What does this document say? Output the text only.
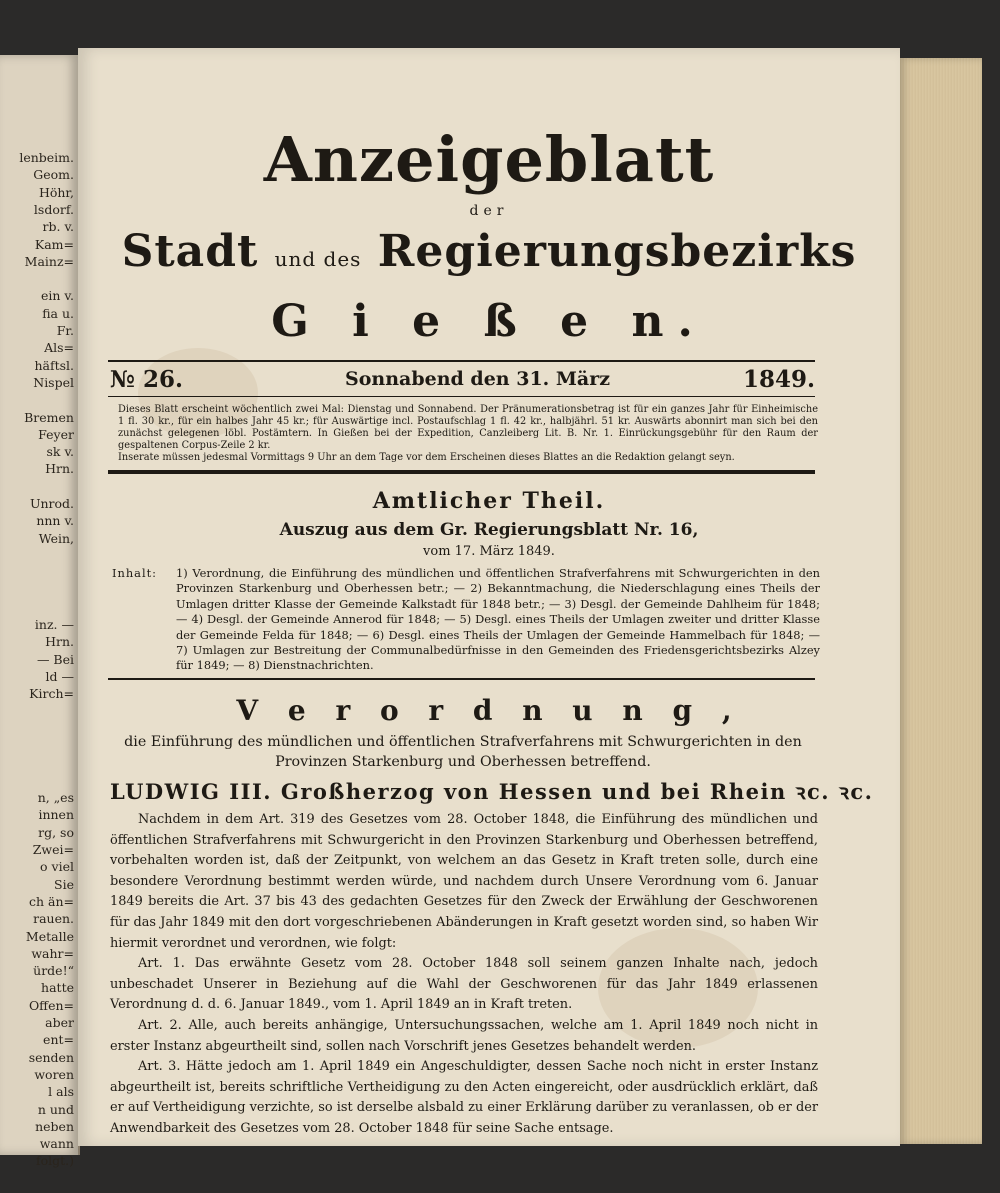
lenbeim.
Geom.
Höhr,
lsdorf.
rb. v.
Kam=
Mainz=
ein v.
fia u.
Fr.
Als=
häftsl.
Nispel
Bremen
Feyer
sk v.
Hrn.
Unrod.
nnn v.
Wein,
inz. —
Hrn.
— Bei
ld —
Kirch=
n, „es
innen
rg, so
Zwei=
o viel
Sie
ch än=
rauen.
Metalle
wahr=
ürde!“
hatte
Offen=
aber
ent=
senden
woren
l als
n und
neben
wann
folgt.)
Anzeigeblatt
der
Stadt und des Regierungsbezirks
G i e ß e n.
№ 26.	Sonnabend den 31. März	1849.
Dieses Blatt erscheint wöchentlich zwei Mal: Dienstag und Sonnabend. Der Pränumerationsbetrag ist für ein ganzes Jahr für Einheimische 1 fl. 30 kr., für ein halbes Jahr 45 kr.; für Auswärtige incl. Postaufschlag 1 fl. 42 kr., halbjährl. 51 kr. Auswärts abonnirt man sich bei den zunächst gelegenen löbl. Postämtern. In Gießen bei der Expedition, Canzleiberg Lit. B. Nr. 1. Einrückungsgebühr für den Raum der gespaltenen Corpus-Zeile 2 kr.
Inserate müssen jedesmal Vormittags 9 Uhr an dem Tage vor dem Erscheinen dieses Blattes an die Redaktion gelangt seyn.
Amtlicher Theil.
Auszug aus dem Gr. Regierungsblatt Nr. 16,
vom 17. März 1849.
Inhalt: 1) Verordnung, die Einführung des mündlichen und öffentlichen Strafverfahrens mit Schwurgerichten in den Provinzen Starkenburg und Oberhessen betr.; — 2) Bekanntmachung, die Niederschlagung eines Theils der Umlagen dritter Klasse der Gemeinde Kalkstadt für 1848 betr.; — 3) Desgl. der Gemeinde Dahlheim für 1848; — 4) Desgl. der Gemeinde Annerod für 1848; — 5) Desgl. eines Theils der Umlagen zweiter und dritter Klasse der Gemeinde Felda für 1848; — 6) Desgl. eines Theils der Umlagen der Gemeinde Hammelbach für 1848; — 7) Umlagen zur Bestreitung der Communalbedürfnisse in den Gemeinden des Friedensgerichtsbezirks Alzey für 1849; — 8) Dienstnachrichten.
V e r o r d n u n g ,
die Einführung des mündlichen und öffentlichen Strafverfahrens mit Schwurgerichten in den Provinzen Starkenburg und Oberhessen betreffend.
LUDWIG III. Großherzog von Hessen und bei Rhein ꝛc. ꝛc.

Nachdem in dem Art. 319 des Gesetzes vom 28. October 1848, die Einführung des mündlichen und öffentlichen Strafverfahrens mit Schwurgericht in den Provinzen Starkenburg und Oberhessen betreffend, vorbehalten worden ist, daß der Zeitpunkt, von welchem an das Gesetz in Kraft treten solle, durch eine besondere Verordnung bestimmt werden würde, und nachdem durch Unsere Verordnung vom 6. Januar 1849 bereits die Art. 37 bis 43 des gedachten Gesetzes für den Zweck der Erwählung der Geschworenen für das Jahr 1849 mit den dort vorgeschriebenen Abänderungen in Kraft gesetzt worden sind, so haben Wir hiermit verordnet und verordnen, wie folgt:

Art. 1. Das erwähnte Gesetz vom 28. October 1848 soll seinem ganzen Inhalte nach, jedoch unbeschadet Unserer in Beziehung auf die Wahl der Geschworenen für das Jahr 1849 erlassenen Verordnung d. d. 6. Januar 1849., vom 1. April 1849 an in Kraft treten.

Art. 2. Alle, auch bereits anhängige, Untersuchungssachen, welche am 1. April 1849 noch nicht in erster Instanz abgeurtheilt sind, sollen nach Vorschrift jenes Gesetzes behandelt werden.

Art. 3. Hätte jedoch am 1. April 1849 ein Angeschuldigter, dessen Sache noch nicht in erster Instanz abgeurtheilt ist, bereits schriftliche Vertheidigung zu den Acten eingereicht, oder ausdrücklich erklärt, daß er auf Vertheidigung verzichte, so ist derselbe alsbald zu einer Erklärung darüber zu veranlassen, ob er der Anwendbarkeit des Gesetzes vom 28. October 1848 für seine Sache entsage.
